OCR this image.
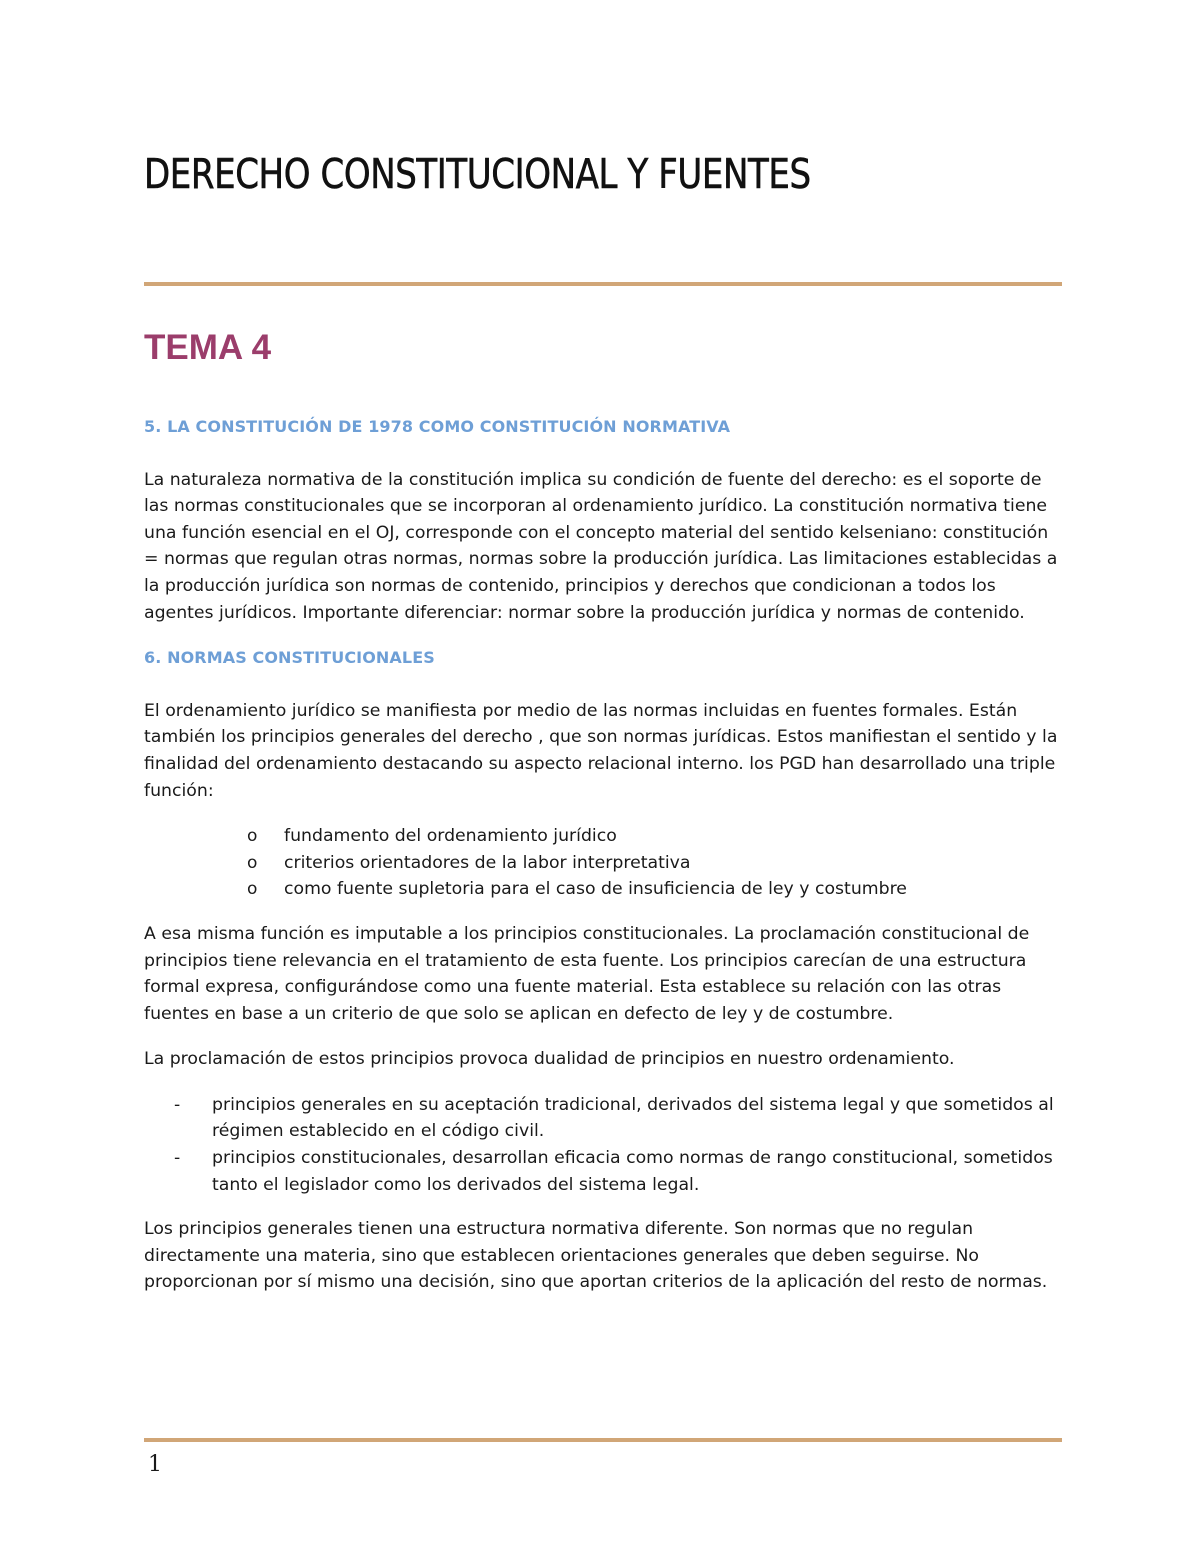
DERECHO CONSTITUCIONAL Y FUENTES
TEMA 4
5. LA CONSTITUCIÓN DE 1978 COMO CONSTITUCIÓN NORMATIVA

La naturaleza normativa de la constitución implica su condición de fuente del derecho: es el soporte de las normas constitucionales que se incorporan al ordenamiento jurídico. La constitución normativa tiene una función esencial en el OJ, corresponde con el concepto material del sentido kelseniano: constitución = normas que regulan otras normas, normas sobre la producción jurídica. Las limitaciones establecidas a la producción jurídica son normas de contenido, principios y derechos que condicionan a todos los agentes jurídicos. Importante diferenciar: normar sobre la producción jurídica y normas de contenido.

6. NORMAS CONSTITUCIONALES

El ordenamiento jurídico se manifiesta por medio de las normas incluidas en fuentes formales. Están también los principios generales del derecho , que son normas jurídicas. Estos manifiestan el sentido y la finalidad del ordenamiento destacando su aspecto relacional interno. los PGD han desarrollado una triple función:

o fundamento del ordenamiento jurídico
o criterios orientadores de la labor interpretativa
o como fuente supletoria para el caso de insuficiencia de ley y costumbre

A esa misma función es imputable a los principios constitucionales. La proclamación constitucional de principios tiene relevancia en el tratamiento de esta fuente. Los principios carecían de una estructura formal expresa, configurándose como una fuente material. Esta establece su relación con las otras fuentes en base a un criterio de que solo se aplican en defecto de ley y de costumbre.

La proclamación de estos principios provoca dualidad de principios en nuestro ordenamiento.

- principios generales en su aceptación tradicional, derivados del sistema legal y que sometidos al régimen establecido en el código civil.
- principios constitucionales, desarrollan eficacia como normas de rango constitucional, sometidos tanto el legislador como los derivados del sistema legal.

Los principios generales tienen una estructura normativa diferente. Son normas que no regulan directamente una materia, sino que establecen orientaciones generales que deben seguirse. No proporcionan por sí mismo una decisión, sino que aportan criterios de la aplicación del resto de normas.

1
